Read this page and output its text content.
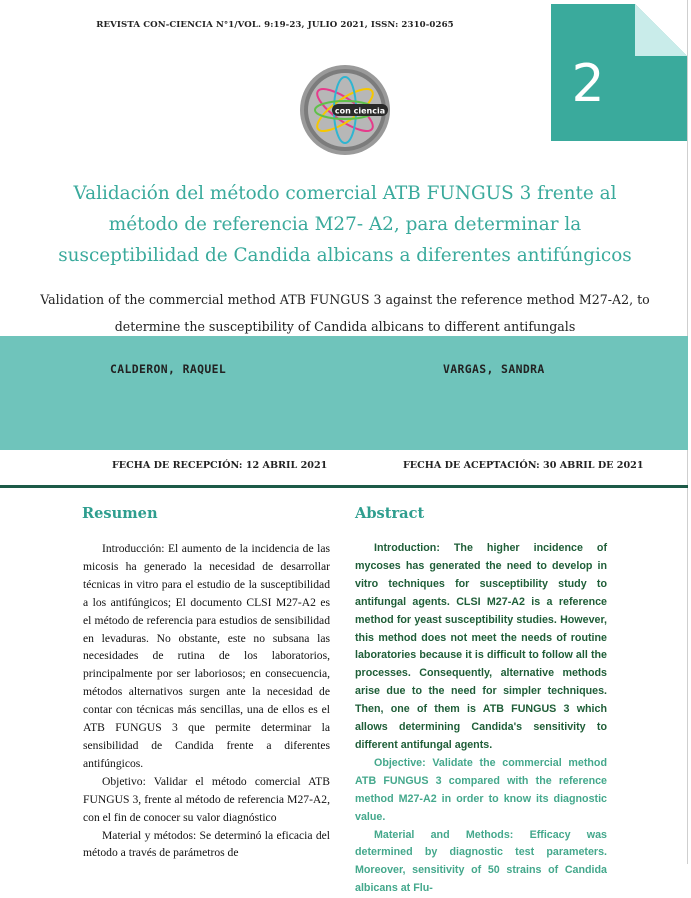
REVISTA CON-CIENCIA N°1/VOL. 9:19-23, JULIO 2021, ISSN: 2310-0265
2
con ciencia
Validación del método comercial ATB FUNGUS 3 frente al método de referencia M27- A2, para determinar la susceptibilidad de Candida albicans a diferentes antifúngicos
Validation of the commercial method ATB FUNGUS 3 against the reference method M27-A2, to determine the susceptibility of Candida albicans to different antifungals
CALDERON, RAQUEL	VARGAS, SANDRA
FECHA DE RECEPCIÓN: 12 ABRIL 2021	FECHA DE ACEPTACIÓN: 30 ABRIL DE 2021
Resumen	Abstract

Introducción: El aumento de la incidencia de las micosis ha generado la necesidad de desarrollar técnicas in vitro para el estudio de la susceptibilidad a los antifúngicos; El documento CLSI M27-A2 es el método de referencia para estudios de sensibilidad en levaduras. No obstante, este no subsana las necesidades de rutina de los laboratorios, principalmente por ser laboriosos; en consecuencia, métodos alternativos surgen ante la necesidad de contar con técnicas más sencillas, una de ellos es el ATB FUNGUS 3 que permite determinar la sensibilidad de Candida frente a diferentes antifúngicos.

Objetivo: Validar el método comercial ATB FUNGUS 3, frente al método de referencia M27-A2, con el fin de conocer su valor diagnóstico

Material y métodos: Se determinó la eficacia del método a través de parámetros de

Introduction: The higher incidence of mycoses has generated the need to develop in vitro techniques for susceptibility study to antifungal agents. CLSI M27-A2 is a reference method for yeast susceptibility studies. However, this method does not meet the needs of routine laboratories because it is difficult to follow all the processes. Consequently, alternative methods arise due to the need for simpler techniques. Then, one of them is ATB FUNGUS 3 which allows determining Candida's sensitivity to different antifungal agents.

Objective: Validate the commercial method ATB FUNGUS 3 compared with the reference method M27-A2 in order to know its diagnostic value.

Material and Methods: Efficacy was determined by diagnostic test parameters. Moreover, sensitivity of 50 strains of Candida albicans at Flu-
